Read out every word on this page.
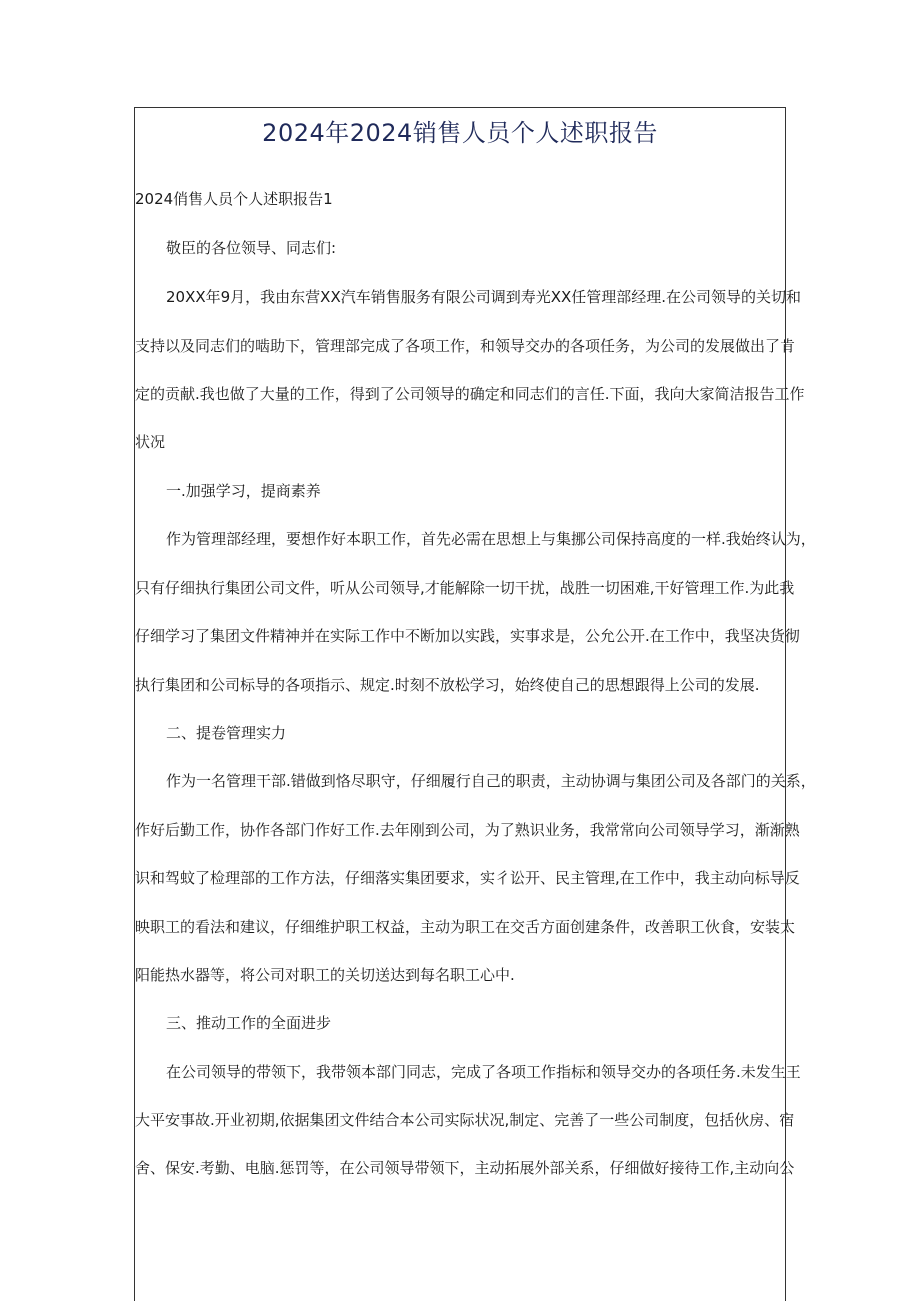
2024年2024销售人员个人述职报告
2024俏售人员个人述职报告1
敬臣的各位领导、同志们:
20XX年9月，我由东营XX汽车销售服务有限公司调到寿光XX任管理部经理.在公司领导的关切和
支持以及同志们的啮助下，管理部完成了各项工作，和领导交办的各项任务，为公司的发展做出了肯
定的贡献.我也做了大量的工作，得到了公司领导的确定和同志们的言任.下面，我向大家简洁报告工作
状况
一.加强学习，提商素养
作为管理部经理，要想作好本职工作，首先必需在思想上与集挪公司保持高度的一样.我始终认为，
只有仔细执行集团公司文件，听从公司领导,才能解除一切干扰，战胜一切困难,干好管理工作.为此我
仔细学习了集团文件精神并在实际工作中不断加以实践，实事求是，公允公开.在工作中，我坚决货彻
执行集团和公司标导的各项指示、规定.时刻不放松学习，始终使自己的思想跟得上公司的发展.
二、提卷管理实力
作为一名管理干部.错做到恪尽职守，仔细履行自己的职责，主动协调与集团公司及各部门的关系，
作好后勤工作，协作各部门作好工作.去年刚到公司，为了熟识业务，我常常向公司领导学习，渐渐熟
识和驾蚊了检理部的工作方法，仔细落实集团要求，实彳讼开、民主管理,在工作中，我主动向标导反
映职工的看法和建议，仔细维护职工权益，主动为职工在交舌方面创建条件，改善职工伙食，安装太
阳能热水器等，将公司对职工的关切送达到每名职工心中.
三、推动工作的全面进步
在公司领导的带领下，我带领本部门同志，完成了各项工作指标和领导交办的各项任务.未发生王
大平安事故.开业初期,依据集团文件结合本公司实际状况,制定、完善了一些公司制度，包括伙房、宿
舍、保安.考勤、电脑.惩罚等，在公司领导带领下，主动拓展外部关系，仔细做好接待工作,主动向公
